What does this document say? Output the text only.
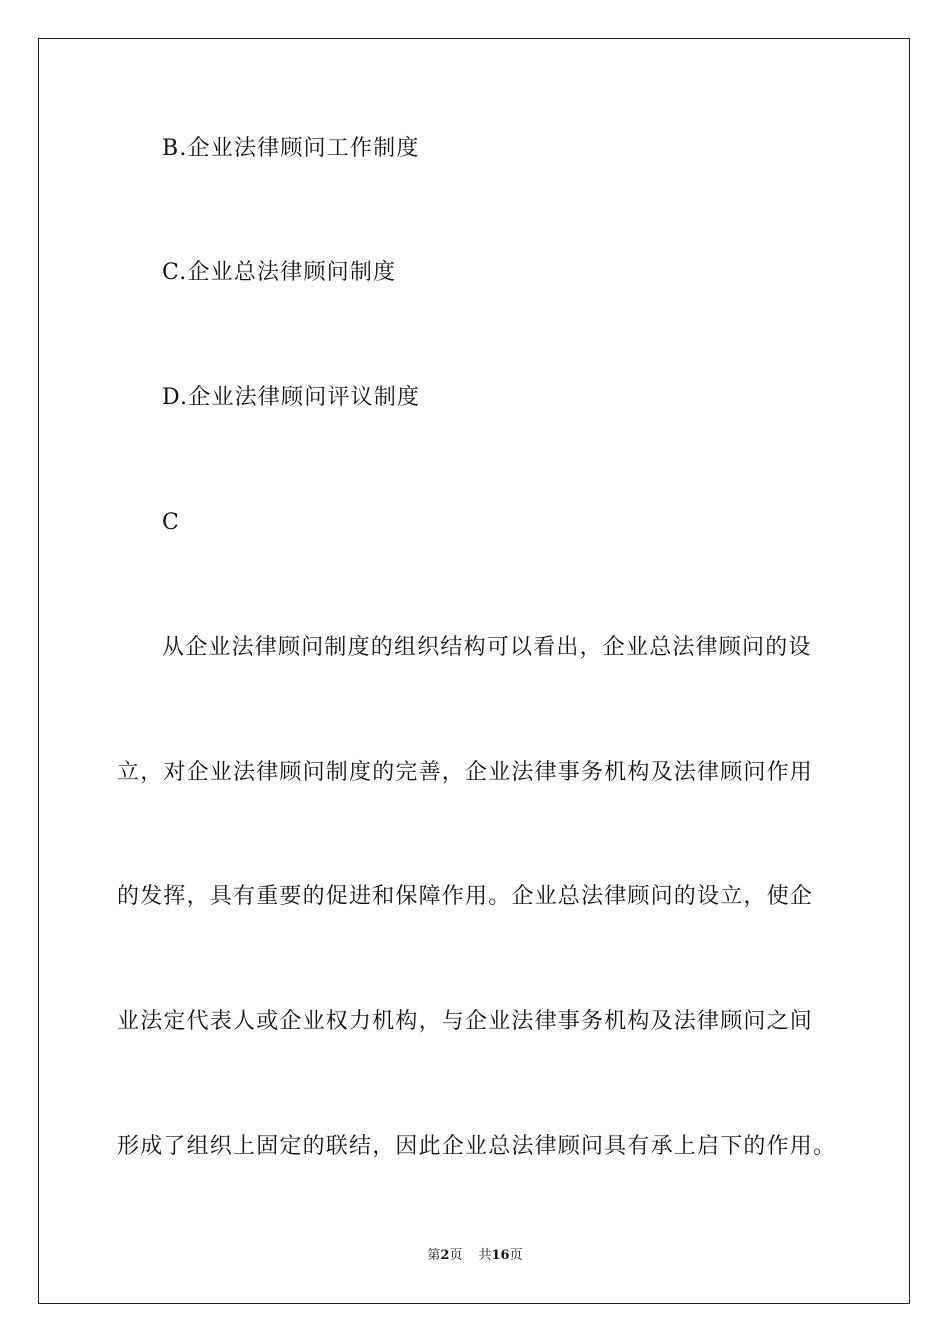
B.企业法律顾问工作制度
C.企业总法律顾问制度
D.企业法律顾问评议制度
C
从企业法律顾问制度的组织结构可以看出，企业总法律顾问的设
立，对企业法律顾问制度的完善，企业法律事务机构及法律顾问作用
的发挥，具有重要的促进和保障作用。企业总法律顾问的设立，使企
业法定代表人或企业权力机构，与企业法律事务机构及法律顾问之间
形成了组织上固定的联结，因此企业总法律顾问具有承上启下的作用。
第2页 共16页
